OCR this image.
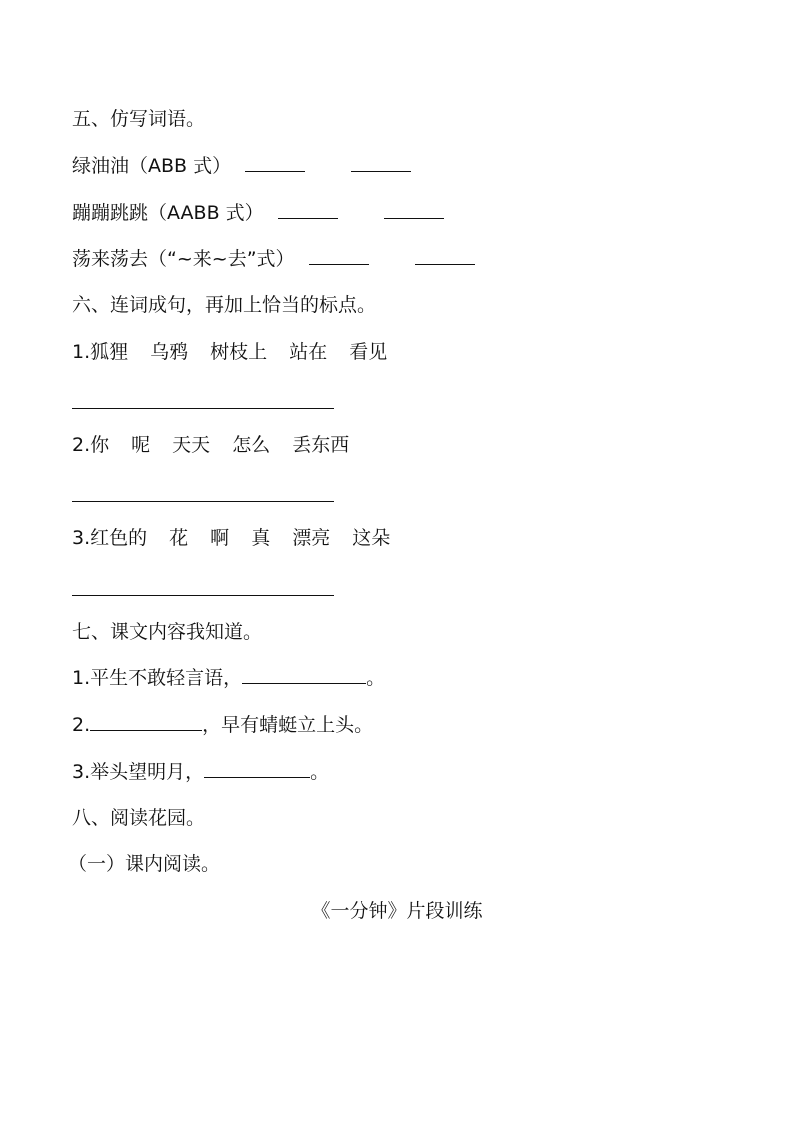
五、仿写词语。
绿油油（ABB 式）
蹦蹦跳跳（AABB 式）
荡来荡去（“~来~去”式）
六、连词成句，再加上恰当的标点。
1.狐狸 乌鸦 树枝上 站在 看见
2.你 呢 天天 怎么 丢东西
3.红色的 花 啊 真 漂亮 这朵
七、课文内容我知道。
1.平生不敢轻言语，	。
2.	，早有蜻蜓立上头。
3.举头望明月，	。
八、阅读花园。
（一）课内阅读。
《一分钟》片段训练
